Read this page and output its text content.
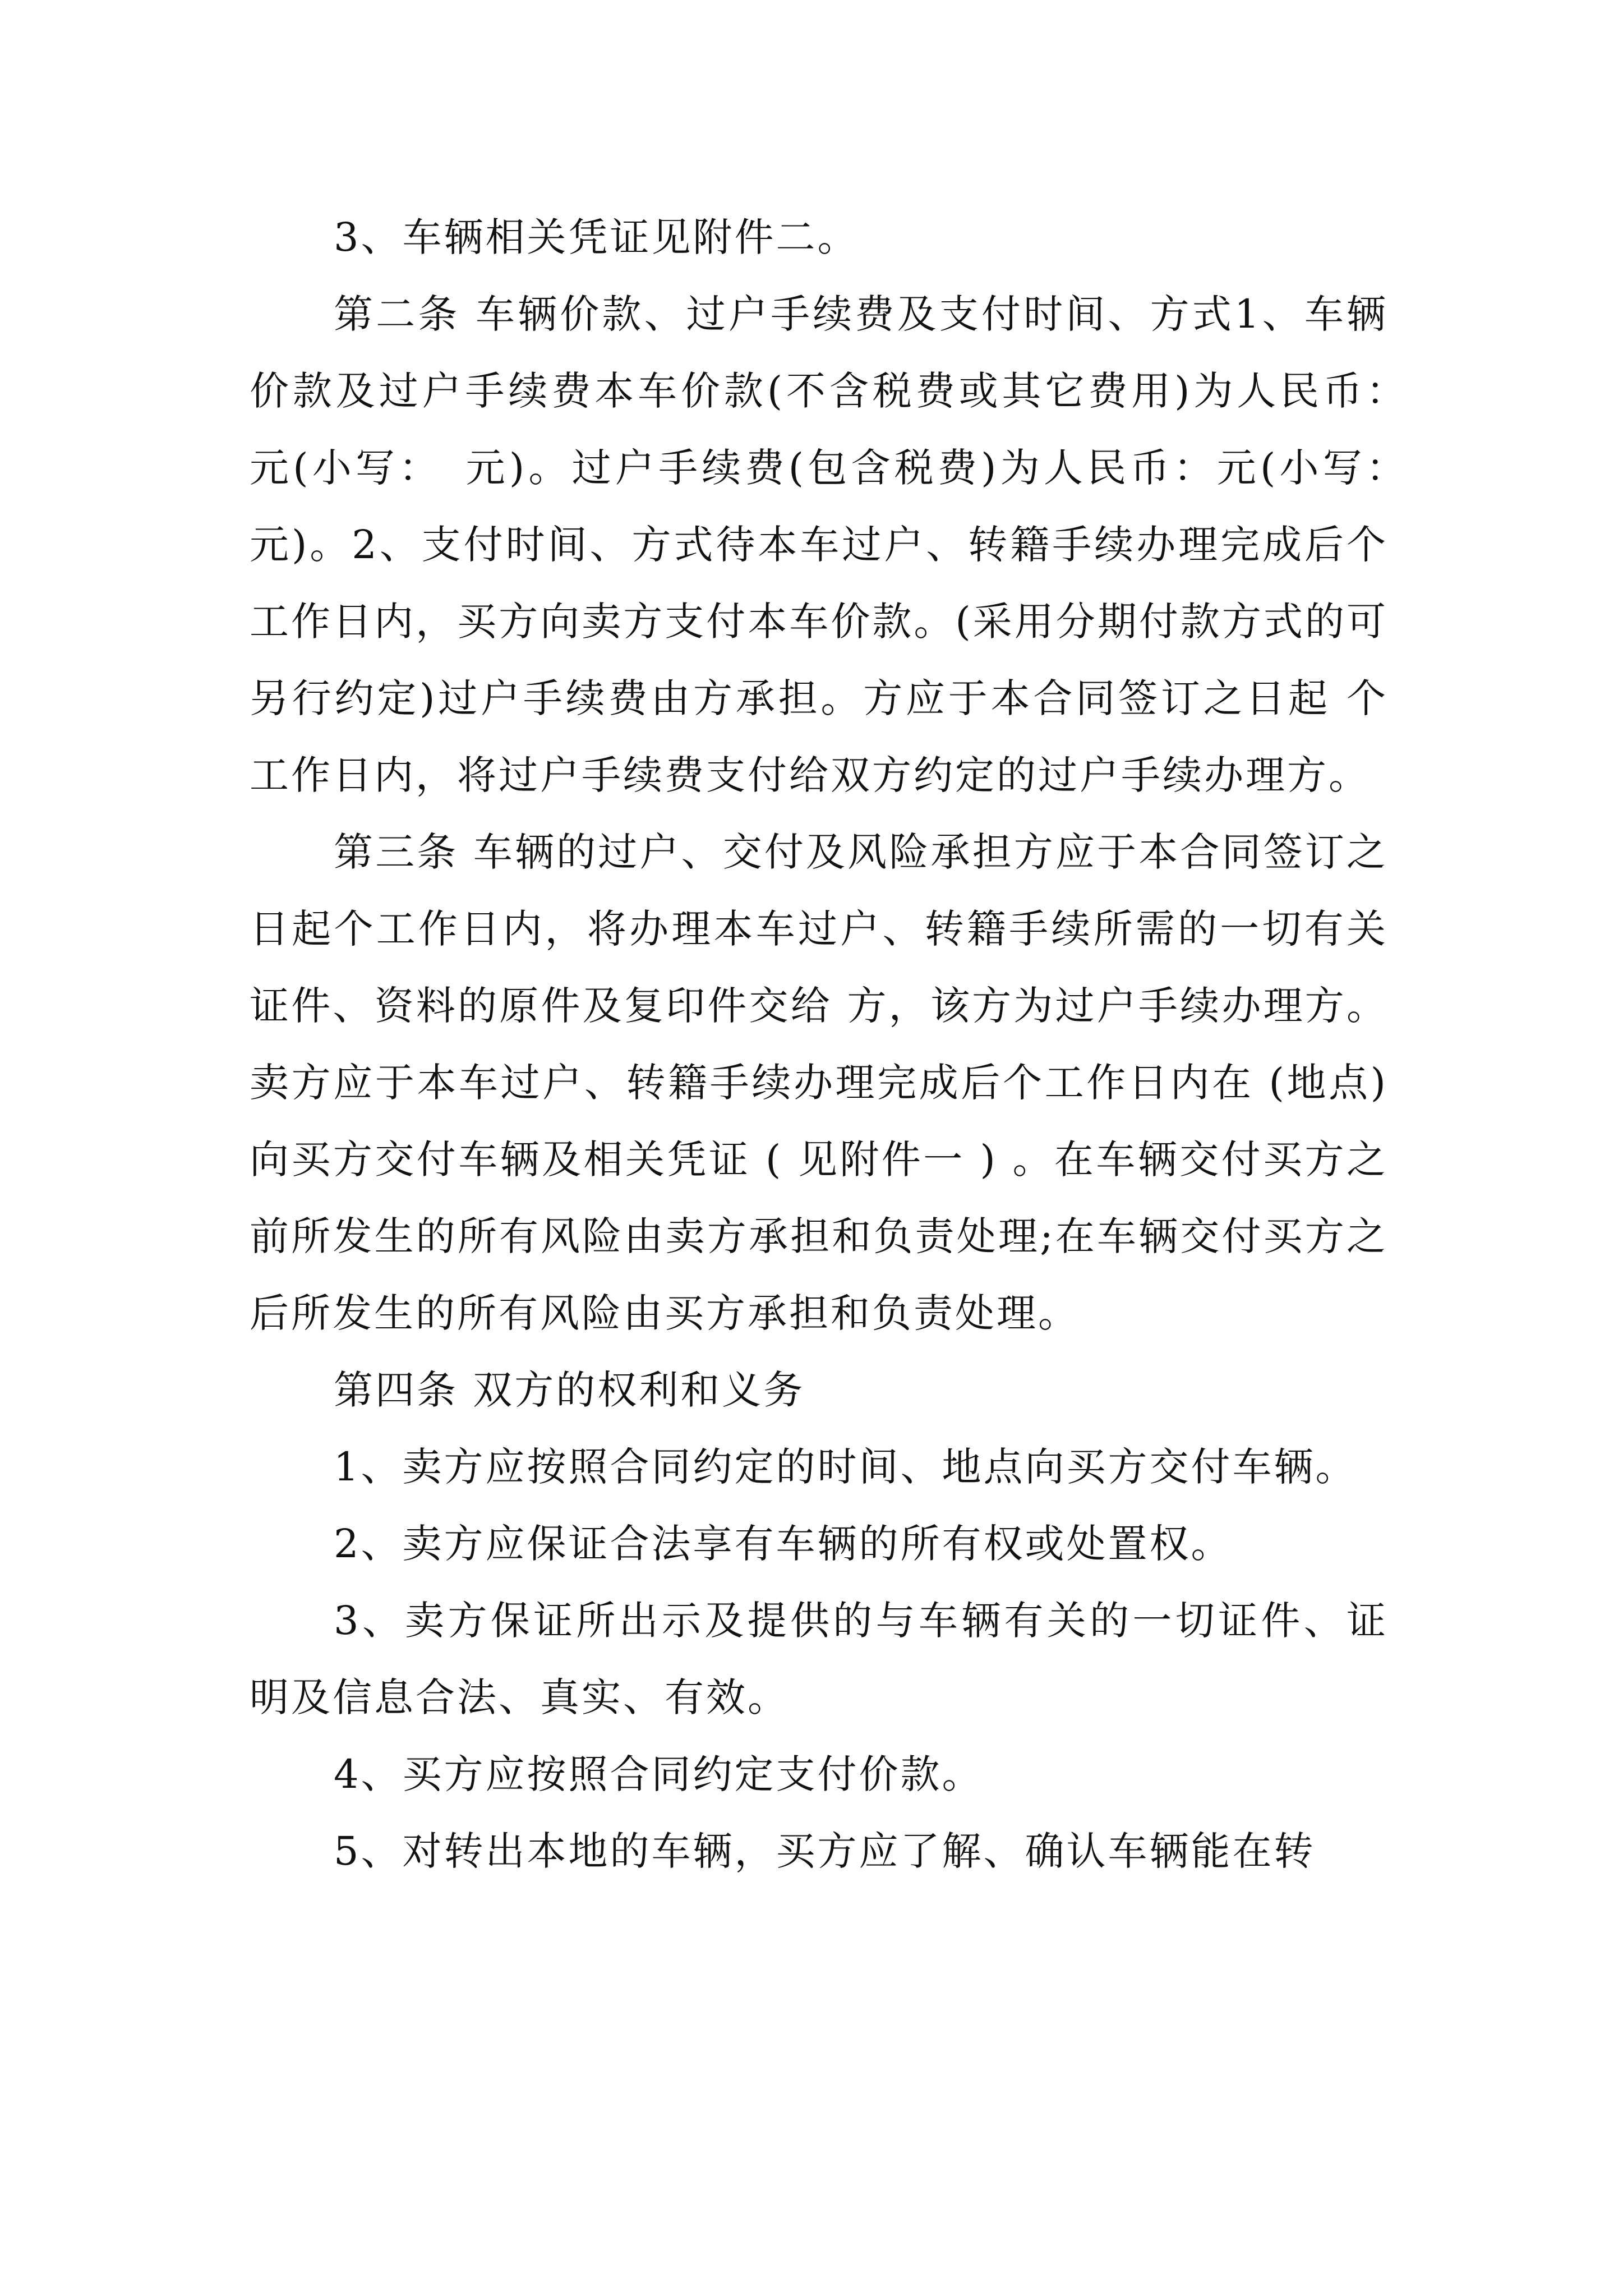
3、车辆相关凭证见附件二。

第二条 车辆价款、过户手续费及支付时间、方式1、车辆价款及过户手续费本车价款(不含税费或其它费用)为人民币：　元(小写：　元)。过户手续费(包含税费)为人民币：元(小写：　元)。2、支付时间、方式待本车过户、转籍手续办理完成后个工作日内，买方向卖方支付本车价款。(采用分期付款方式的可另行约定)过户手续费由方承担。方应于本合同签订之日起 个工作日内，将过户手续费支付给双方约定的过户手续办理方。

第三条 车辆的过户、交付及风险承担方应于本合同签订之日起个工作日内，将办理本车过户、转籍手续所需的一切有关证件、资料的原件及复印件交给 方，该方为过户手续办理方。卖方应于本车过户、转籍手续办理完成后个工作日内在 (地点)向买方交付车辆及相关凭证 ( 见附件一 ) 。在车辆交付买方之前所发生的所有风险由卖方承担和负责处理;在车辆交付买方之后所发生的所有风险由买方承担和负责处理。

第四条 双方的权利和义务

1、卖方应按照合同约定的时间、地点向买方交付车辆。

2、卖方应保证合法享有车辆的所有权或处置权。

3、卖方保证所出示及提供的与车辆有关的一切证件、证明及信息合法、真实、有效。

4、买方应按照合同约定支付价款。

5、对转出本地的车辆，买方应了解、确认车辆能在转
